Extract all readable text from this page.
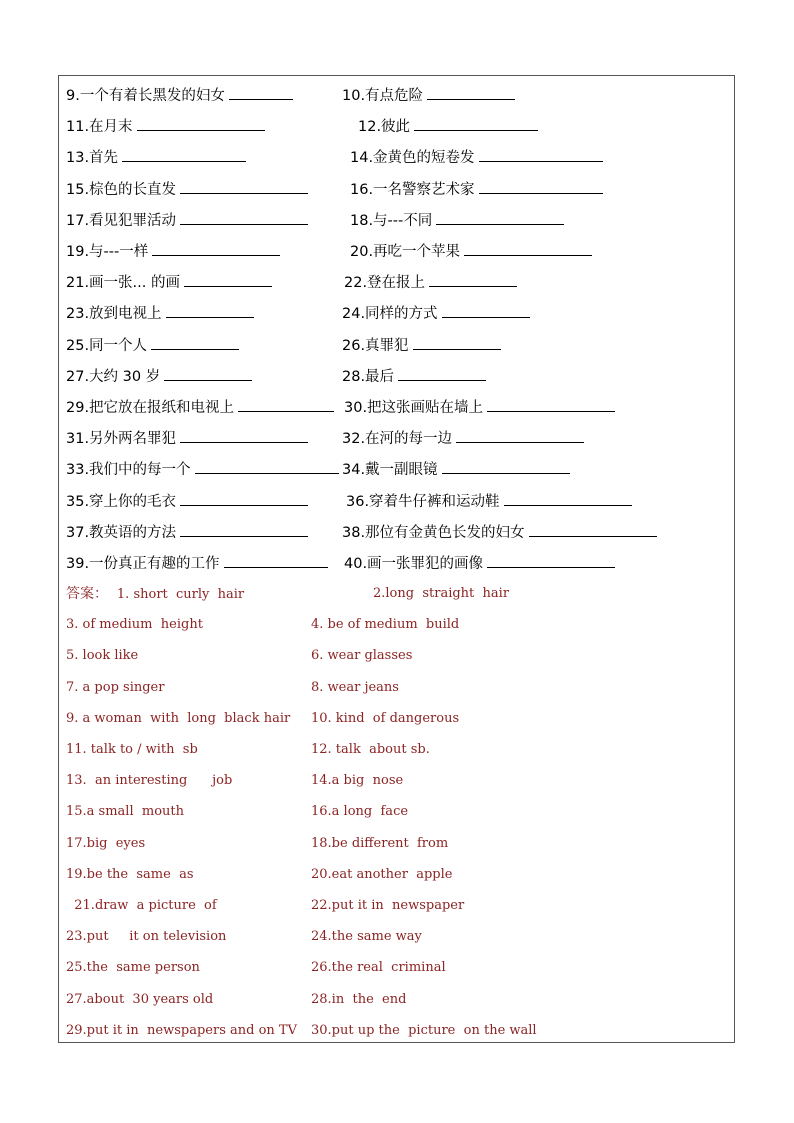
9.一个有着长黑发的妇女	10.有点危险
11.在月末	12.彼此
13.首先	14.金黄色的短卷发
15.棕色的长直发	16.一名警察艺术家
17.看见犯罪活动	18.与---不同
19.与---一样	20.再吃一个苹果
21.画一张... 的画	22.登在报上
23.放到电视上	24.同样的方式
25.同一个人	26.真罪犯
27.大约 30 岁	28.最后
29.把它放在报纸和电视上	30.把这张画贴在墙上
31.另外两名罪犯	32.在河的每一边
33.我们中的每一个	34.戴一副眼镜
35.穿上你的毛衣	36.穿着牛仔裤和运动鞋
37.教英语的方法	38.那位有金黄色长发的妇女
39.一份真正有趣的工作	40.画一张罪犯的画像
答案：  1. short  curly  hair	2.long  straight  hair
3. of medium  height	4. be of medium  build
5. look like	6. wear glasses
7. a pop singer	8. wear jeans
9. a woman  with  long  black hair 10. kind  of dangerous
11. talk to / with  sb	12. talk  about sb.
13.  an interesting      job	14.a big  nose
15.a small  mouth	16.a long  face
17.big  eyes	18.be different  from
19.be the  same  as	20.eat another  apple
21.draw  a picture  of	22.put it in  newspaper
23.put     it on television	24.the same way
25.the  same person	26.the real  criminal
27.about  30 years old	28.in  the  end
29.put it in  newspapers and on TV 30.put up the  picture  on the wall
